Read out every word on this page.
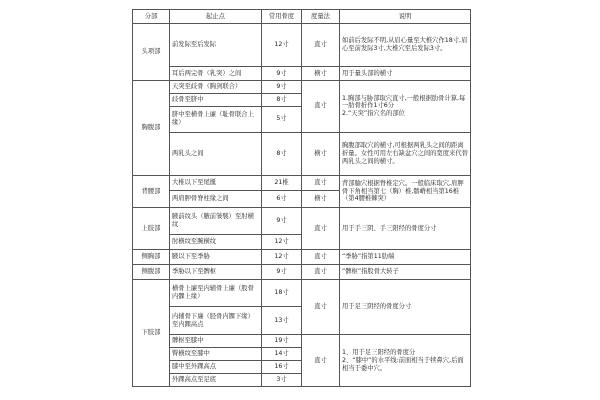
分部	起止点	常用骨度	度量法	说明
头项部	前发际至后发际	12寸	直寸	如前后发际不明,从眉心量至大椎穴作18寸,眉心至前发际3寸,大椎穴至后发际3寸。
	耳后两完骨（乳突）之间	9寸	横寸	用于量头部的横寸
胸腹部	天突至歧骨（胸剑联合）	9寸	直寸	1.胸部与胁部取穴直寸,一般根据肋骨计算,每一肋骨折作1寸6分
2.“天突”指穴名的部位
	歧骨至脐中	8寸		
	脐中至横骨上廉（耻骨联合上缘）	5寸		
	两乳头之间	8寸	横寸	胸腹部取穴的横寸,可根据两乳头之间的距离折量。女性可用左右缺盆穴之间的宽度来代替两乳头之间的横寸。
背腰部	大椎以下至尾骶	21椎	直寸	背部腧穴根据脊椎定穴。一般临床取穴,肩胛骨下角相当第七（胸）椎,髂嵴相当第16椎（第4腰椎棘突）
	两肩胛骨脊柱缘之间	6寸	横寸	
上肢部	腋前纹头（腋前皱襞）至肘横纹	9寸	直寸	用于手三阴、手三阳经的骨度分寸
	肘横纹至腕横纹	12寸		
侧胸部	腋以下至季胁	12寸	直寸	“季胁”指第11肋端
侧腹部	季胁以下至髀枢	9寸	直寸	“髀枢”指股骨大转子
下肢部	横骨上廉至内辅骨上廉（股骨内髁上缘）	18寸	直寸	用于足三阴经的骨度分寸
	内辅骨下廉（胫骨内髁下缘）至内踝高点	13寸		
	髀枢至膝中	19寸	直寸	1、用于足三阳经的骨度分
2、“膝中”的水平线:前面相当于犊鼻穴,后面相当于委中穴。
	臀横纹至膝中	14寸		
	膝中至外踝高点	16寸		
	外踝高点至足底	3寸		
